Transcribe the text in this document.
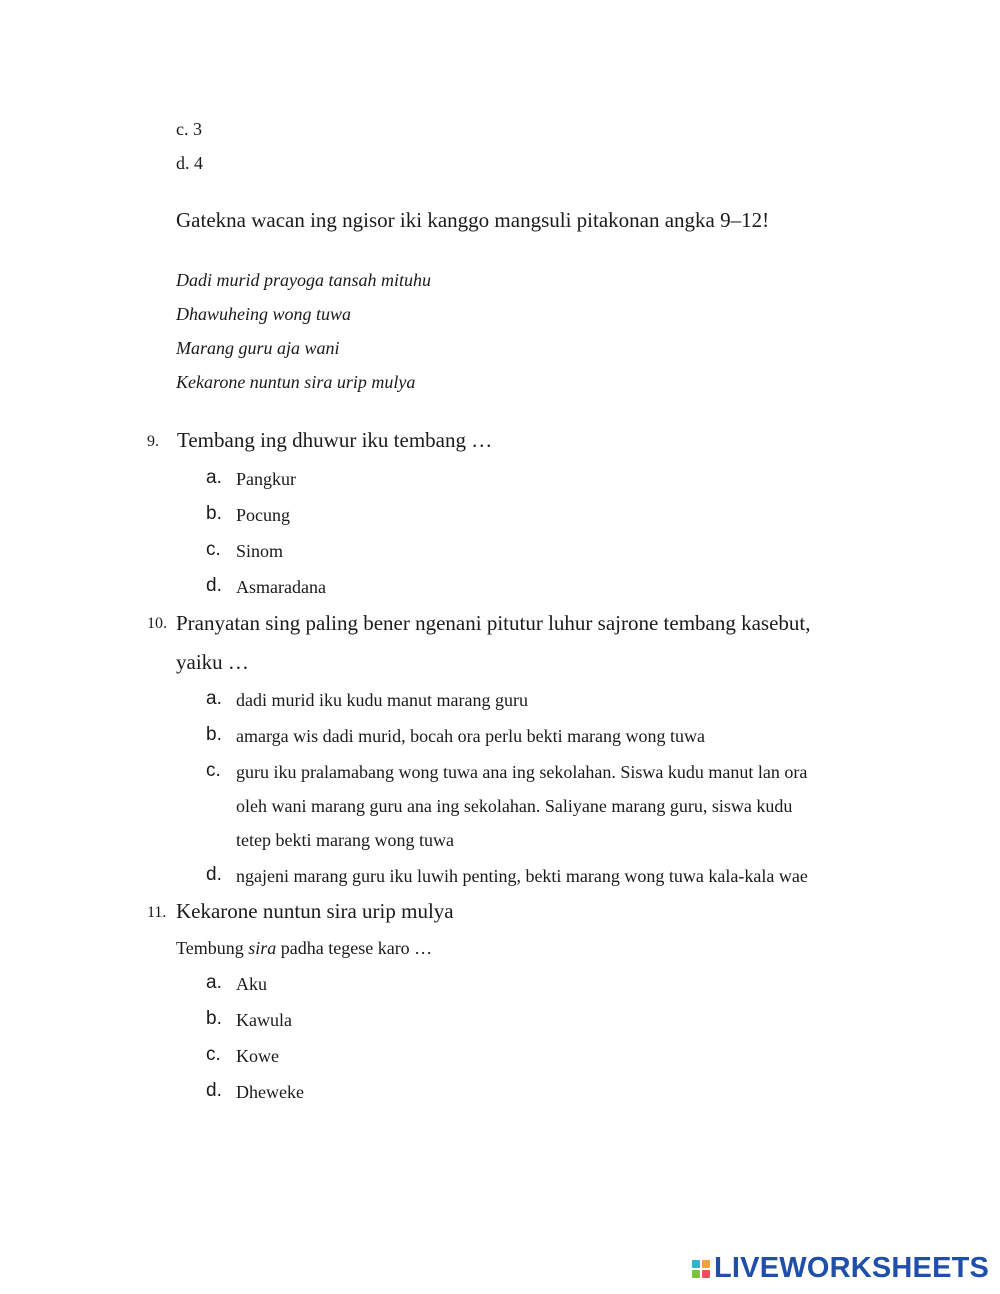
c. 3
d. 4
Gatekna wacan ing ngisor iki kanggo mangsuli pitakonan angka 9–12!
Dadi murid prayoga tansah mituhu
Dhawuheing wong tuwa
Marang guru aja wani
Kekarone nuntun sira urip mulya
9. Tembang ing dhuwur iku tembang …
a. Pangkur
b. Pocung
c. Sinom
d. Asmaradana
10. Pranyatan sing paling bener ngenani pitutur luhur sajrone tembang kasebut,
yaiku …
a. dadi murid iku kudu manut marang guru
b. amarga wis dadi murid, bocah ora perlu bekti marang wong tuwa
c. guru iku pralamabang wong tuwa ana ing sekolahan. Siswa kudu manut lan ora
oleh wani marang guru ana ing sekolahan. Saliyane marang guru, siswa kudu
tetep bekti marang wong tuwa
d. ngajeni marang guru iku luwih penting, bekti marang wong tuwa kala-kala wae
11. Kekarone nuntun sira urip mulya
Tembung sira padha tegese karo …
a. Aku
b. Kawula
c. Kowe
d. Dheweke
LIVEWORKSHEETS
